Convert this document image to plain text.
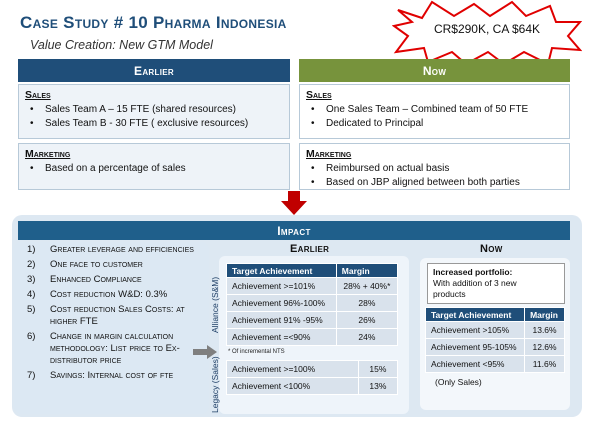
Case Study # 10 Pharma Indonesia
Value Creation: New GTM Model
CR$290K, CA $64K
Earlier	Now
Sales
• Sales Team A – 15 FTE (shared resources)
• Sales Team B - 30 FTE ( exclusive resources)
Sales
• One Sales Team – Combined team of 50 FTE
• Dedicated to Principal
Marketing
• Based on a percentage of sales
Marketing
• Reimbursed on actual basis
• Based on JBP aligned between both parties
Impact
1) Greater leverage and efficiencies
2) One face to customer
3) Enhanced Compliance
4) Cost reduction W&D: 0.3%
5) Cost reduction Sales Costs: at higher FTE
6) Change in margin calculation methodology: List price to Ex-distributor price
7) Savings: Internal cost of fte
Earlier
Alliance (S&M)
Legacy (Sales)
Target Achievement	Margin
Achievement >=101%	28% + 40%*
Achievement 96%-100%	28%
Achievement 91% -95%	26%
Achievement =<90%	24%
* Of incremental NTS
Achievement >=100%	15%
Achievement <100%	13%
Now
Increased portfolio:
With addition of 3 new
products
Target Achievement	Margin
Achievement >105%	13.6%
Achievement 95-105%	12.6%
Achievement <95%	11.6%
(Only Sales)
